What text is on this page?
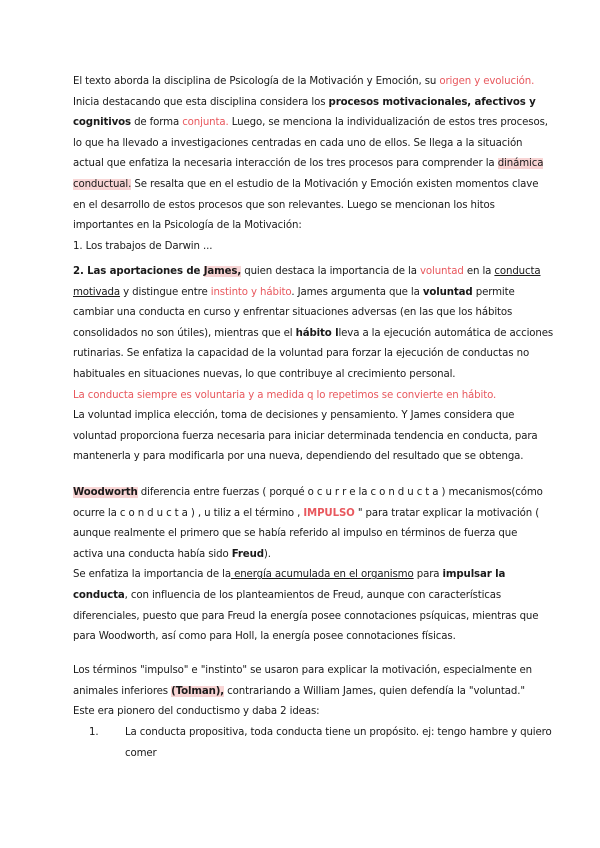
El texto aborda la disciplina de Psicología de la Motivación y Emoción, su origen y evolución.
Inicia destacando que esta disciplina considera los procesos motivacionales, afectivos y
cognitivos de forma conjunta. Luego, se menciona la individualización de estos tres procesos,
lo que ha llevado a investigaciones centradas en cada uno de ellos. Se llega a la situación
actual que enfatiza la necesaria interacción de los tres procesos para comprender la dinámica
conductual. Se resalta que en el estudio de la Motivación y Emoción existen momentos clave
en el desarrollo de estos procesos que son relevantes. Luego se mencionan los hitos
importantes en la Psicología de la Motivación:
1. Los trabajos de Darwin ...
2. Las aportaciones de James, quien destaca la importancia de la voluntad en la conducta
motivada y distingue entre instinto y hábito. James argumenta que la voluntad permite
cambiar una conducta en curso y enfrentar situaciones adversas (en las que los hábitos
consolidados no son útiles), mientras que el hábito lleva a la ejecución automática de acciones
rutinarias. Se enfatiza la capacidad de la voluntad para forzar la ejecución de conductas no
habituales en situaciones nuevas, lo que contribuye al crecimiento personal.
La conducta siempre es voluntaria y a medida q lo repetimos se convierte en hábito.
La voluntad implica elección, toma de decisiones y pensamiento. Y James considera que
voluntad proporciona fuerza necesaria para iniciar determinada tendencia en conducta, para
mantenerla y para modificarla por una nueva, dependiendo del resultado que se obtenga.
Woodworth diferencia entre fuerzas ( porqué o c u r r e la c o n d u c t a ) mecanismos(cómo
ocurre la c o n d u c t a ) , u tiliz a el término , IMPULSO " para tratar explicar la motivación (
aunque realmente el primero que se había referido al impulso en términos de fuerza que
activa una conducta había sido Freud).
Se enfatiza la importancia de la energía acumulada en el organismo para impulsar la
conducta, con influencia de los planteamientos de Freud, aunque con características
diferenciales, puesto que para Freud la energía posee connotaciones psíquicas, mientras que
para Woodworth, así como para Holl, la energía posee connotaciones físicas.
Los términos "impulso" e "instinto" se usaron para explicar la motivación, especialmente en
animales inferiores (Tolman), contrariando a William James, quien defendía la "voluntad."
Este era pionero del conductismo y daba 2 ideas:
1.	La conducta propositiva, toda conducta tiene un propósito. ej: tengo hambre y quiero
comer
